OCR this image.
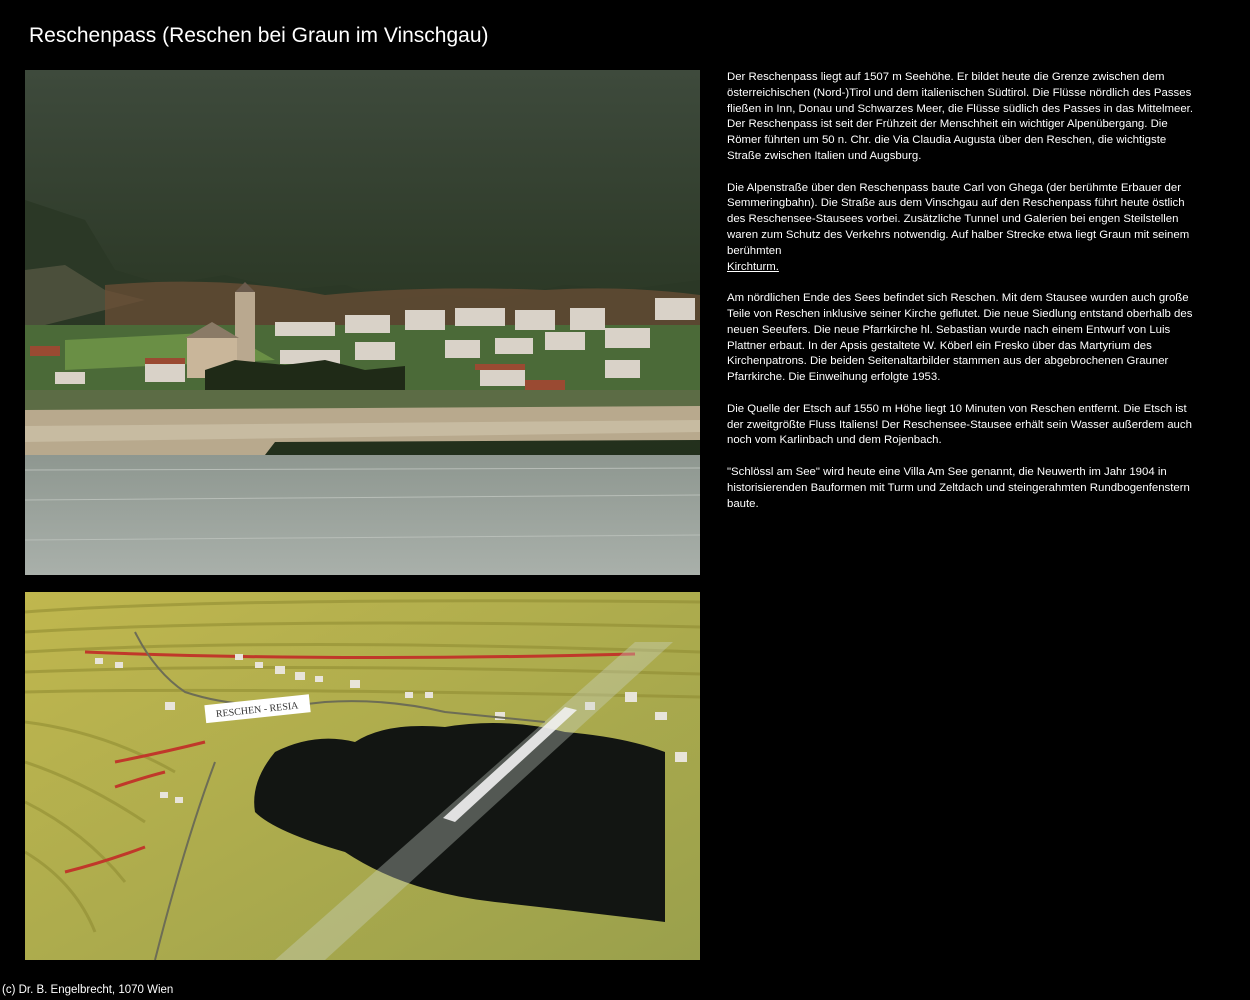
Reschenpass (Reschen bei Graun im Vinschgau)
RESCHEN - RESIA

Der Reschenpass liegt auf 1507 m Seehöhe. Er bildet heute die Grenze zwischen dem österreichischen (Nord-)Tirol und dem italienischen Südtirol. Die Flüsse nördlich des Passes fließen in Inn, Donau und Schwarzes Meer, die Flüsse südlich des Passes in das Mittelmeer. Der Reschenpass ist seit der Frühzeit der Menschheit ein wichtiger Alpenübergang. Die Römer führten um 50 n. Chr. die Via Claudia Augusta über den Reschen, die wichtigste Straße zwischen Italien und Augsburg.

Die Alpenstraße über den Reschenpass baute Carl von Ghega (der berühmte Erbauer der Semmeringbahn). Die Straße aus dem Vinschgau auf den Reschenpass führt heute östlich des Reschensee-Stausees vorbei. Zusätzliche Tunnel und Galerien bei engen Steilstellen waren zum Schutz des Verkehrs notwendig. Auf halber Strecke etwa liegt Graun mit seinem berühmten
Kirchturm.

Am nördlichen Ende des Sees befindet sich Reschen. Mit dem Stausee wurden auch große Teile von Reschen inklusive seiner Kirche geflutet. Die neue Siedlung entstand oberhalb des neuen Seeufers. Die neue Pfarrkirche hl. Sebastian wurde nach einem Entwurf von Luis Plattner erbaut. In der Apsis gestaltete W. Köberl ein Fresko über das Martyrium des Kirchenpatrons. Die beiden Seitenaltarbilder stammen aus der abgebrochenen Grauner Pfarrkirche. Die Einweihung erfolgte 1953.

Die Quelle der Etsch auf 1550 m Höhe liegt 10 Minuten von Reschen entfernt. Die Etsch ist der zweitgrößte Fluss Italiens! Der Reschensee-Stausee erhält sein Wasser außerdem auch noch vom Karlinbach und dem Rojenbach.

"Schlössl am See" wird heute eine Villa Am See genannt, die Neuwerth im Jahr 1904 in historisierenden Bauformen mit Turm und Zeltdach und steingerahmten Rundbogenfenstern baute.

(c) Dr. B. Engelbrecht, 1070 Wien
